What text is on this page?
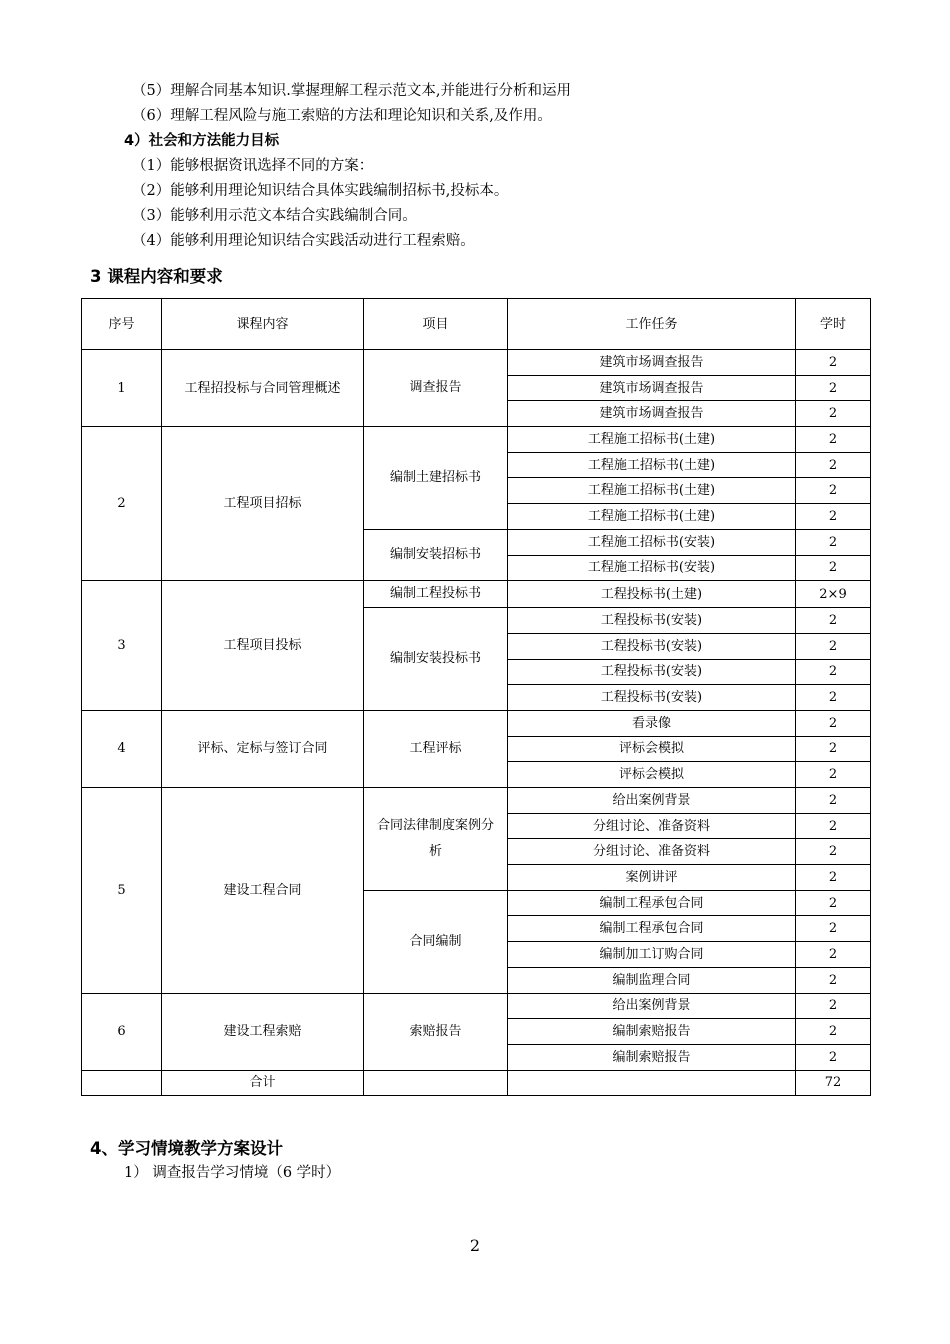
（5）理解合同基本知识.掌握理解工程示范文本,并能进行分析和运用
（6）理解工程风险与施工索赔的方法和理论知识和关系,及作用。
4）社会和方法能力目标
（1）能够根据资讯选择不同的方案：
（2）能够利用理论知识结合具体实践编制招标书,投标本。
（3）能够利用示范文本结合实践编制合同。
（4）能够利用理论知识结合实践活动进行工程索赔。
3 课程内容和要求
序号	课程内容	项目	工作任务	学时
1	工程招投标与合同管理概述	调查报告	建筑市场调查报告	2
			建筑市场调查报告	2
			建筑市场调查报告	2
2	工程项目招标	编制土建招标书	工程施工招标书(土建)	2
			工程施工招标书(土建)	2
			工程施工招标书(土建)	2
			工程施工招标书(土建)	2
		编制安装招标书	工程施工招标书(安装)	2
			工程施工招标书(安装)	2
3	工程项目投标	编制工程投标书	工程投标书(土建)	2×9
		编制安装投标书	工程投标书(安装)	2
			工程投标书(安装)	2
			工程投标书(安装)	2
			工程投标书(安装)	2
4	评标、定标与签订合同	工程评标	看录像	2
			评标会模拟	2
			评标会模拟	2
5	建设工程合同	合同法律制度案例分析	给出案例背景	2
			分组讨论、准备资料	2
			分组讨论、准备资料	2
			案例讲评	2
		合同编制	编制工程承包合同	2
			编制工程承包合同	2
			编制加工订购合同	2
			编制监理合同	2
6	建设工程索赔	索赔报告	给出案例背景	2
			编制索赔报告	2
			编制索赔报告	2
	合计			72
4、学习情境教学方案设计
1） 调查报告学习情境（6 学时）
2
